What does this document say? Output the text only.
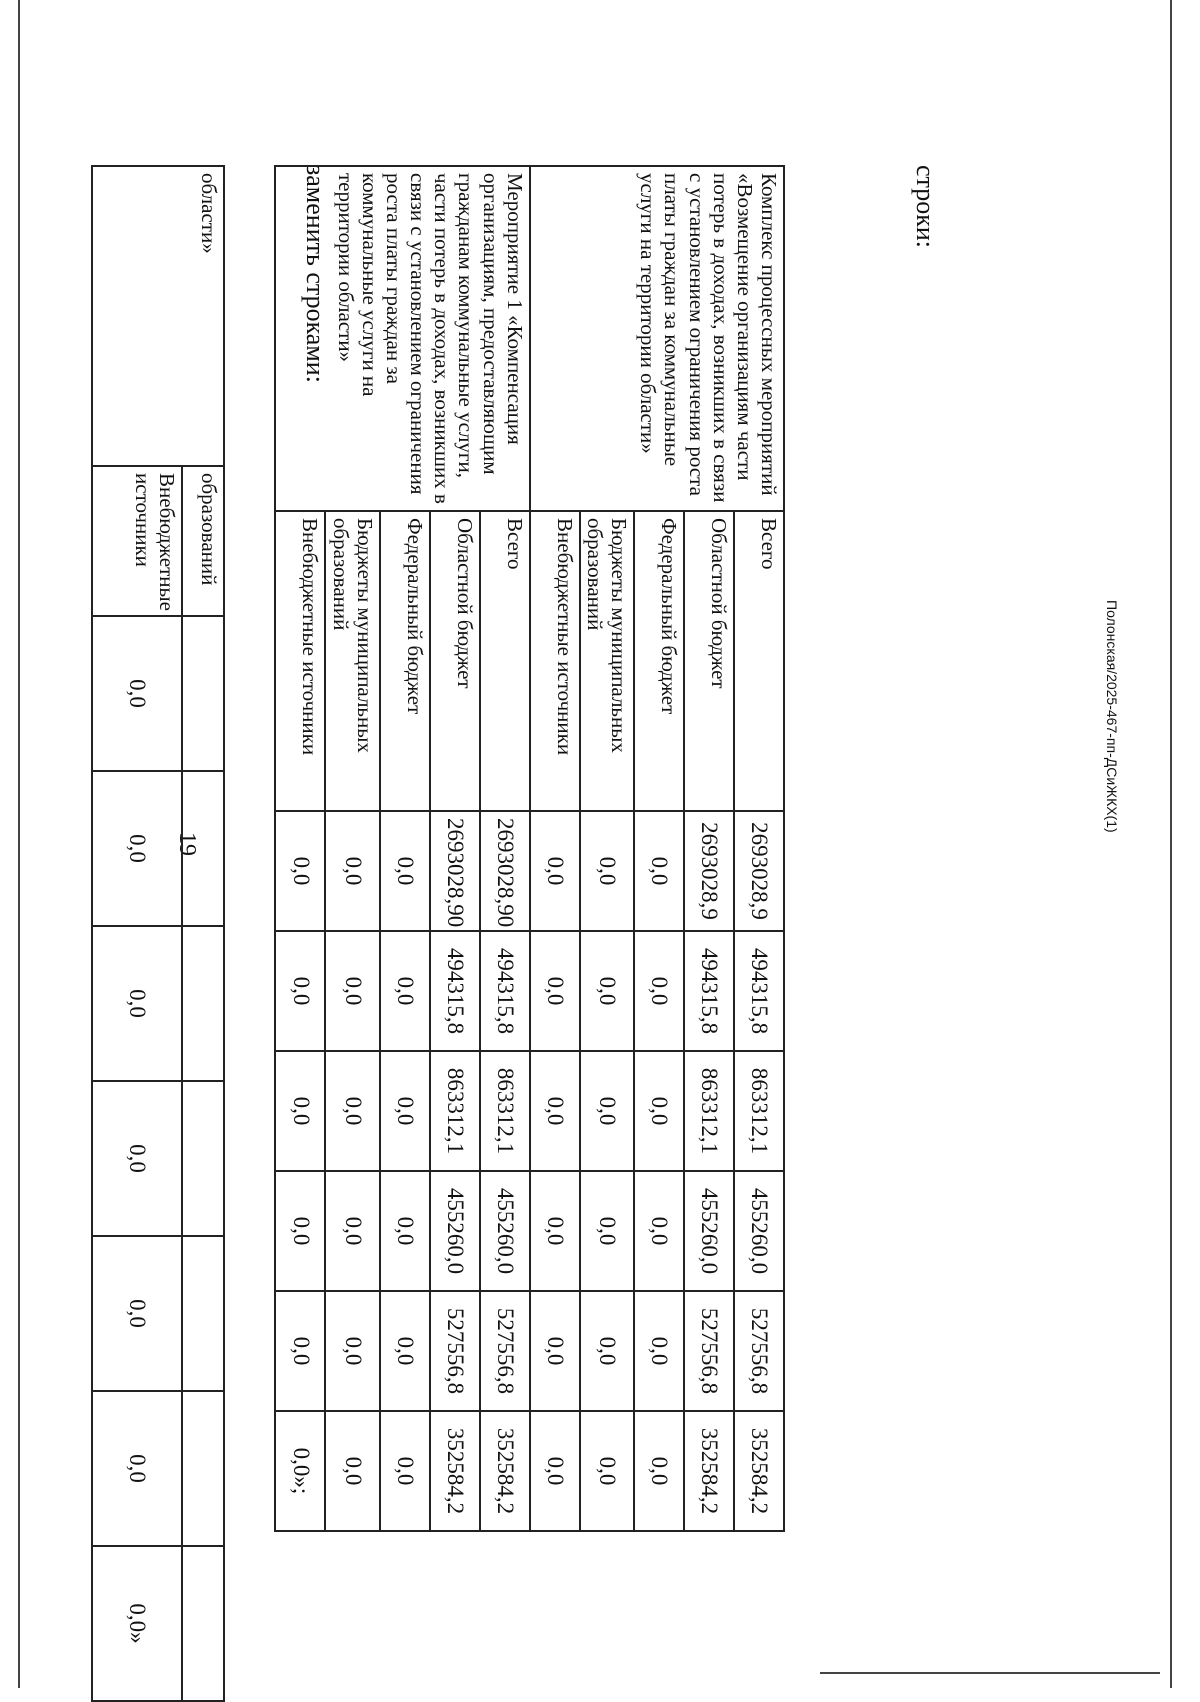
19
Полонская/2025-467-пп-ДСиЖКХ(1)
области»	образований							
	Внебюджетные источники	0,0	0,0	0,0	0,0	0,0	0,0	0,0»
заменить строками:	Комплекс процессных мероприятий «Возмещение организациям части потерь в доходах, возникших в связи с установлением ограничения роста платы граждан за коммунальные услуги на территории области»	Всего	2693028,9	494315,8	863312,1	455260,0	527556,8	352584,2
	Областной бюджет	2693028,9	494315,8	863312,1	455260,0	527556,8	352584,2
	Федеральный бюджет	0,0	0,0	0,0	0,0	0,0	0,0
	Бюджеты муниципальных образований	0,0	0,0	0,0	0,0	0,0	0,0
	Внебюджетные источники	0,0	0,0	0,0	0,0	0,0	0,0
Мероприятие 1 «Компенсация организациям, предоставляющим гражданам коммунальные услуги, части потерь в доходах, возникших в связи с установлением ограничения роста платы граждан за коммунальные услуги на территории области»	Всего	2693028,90	494315,8	863312,1	455260,0	527556,8	352584,2
	Областной бюджет	2693028,90	494315,8	863312,1	455260,0	527556,8	352584,2
	Федеральный бюджет	0,0	0,0	0,0	0,0	0,0	0,0
	Бюджеты муниципальных образований	0,0	0,0	0,0	0,0	0,0	0,0
	Внебюджетные источники	0,0	0,0	0,0	0,0	0,0	0,0»;
строки:
